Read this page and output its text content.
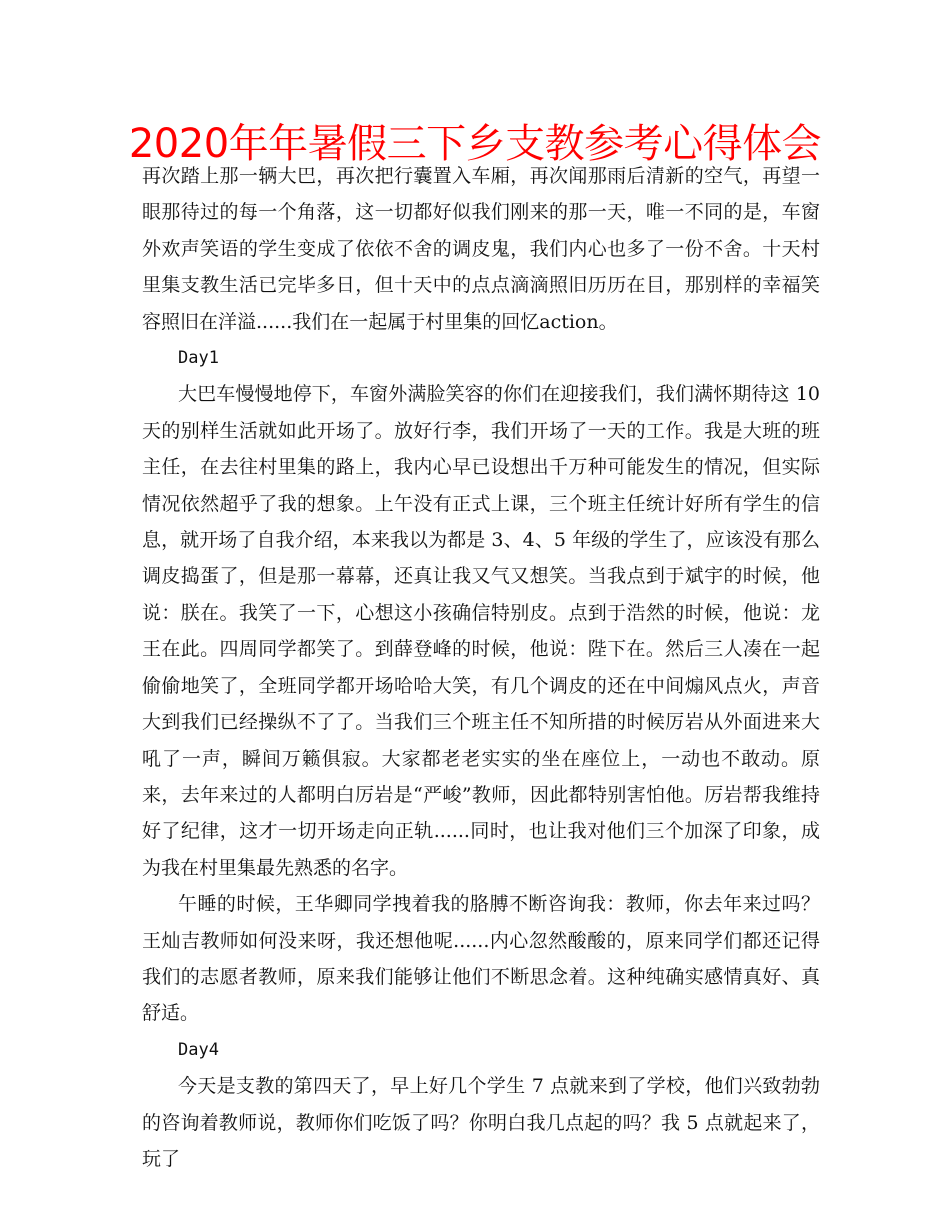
2020年年暑假三下乡支教参考心得体会

再次踏上那一辆大巴，再次把行囊置入车厢，再次闻那雨后清新的空气，再望一眼那待过的每一个角落，这一切都好似我们刚来的那一天，唯一不同的是，车窗外欢声笑语的学生变成了依依不舍的调皮鬼，我们内心也多了一份不舍。十天村里集支教生活已完毕多日，但十天中的点点滴滴照旧历历在目，那别样的幸福笑容照旧在洋溢......我们在一起属于村里集的回忆action。

Day1

大巴车慢慢地停下，车窗外满脸笑容的你们在迎接我们，我们满怀期待这 10 天的别样生活就如此开场了。放好行李，我们开场了一天的工作。我是大班的班主任，在去往村里集的路上，我内心早已设想出千万种可能发生的情况，但实际情况依然超乎了我的想象。上午没有正式上课，三个班主任统计好所有学生的信息，就开场了自我介绍，本来我以为都是 3、4、5 年级的学生了，应该没有那么调皮捣蛋了，但是那一幕幕，还真让我又气又想笑。当我点到于斌宇的时候，他说：朕在。我笑了一下，心想这小孩确信特别皮。点到于浩然的时候，他说：龙王在此。四周同学都笑了。到薛登峰的时候，他说：陛下在。然后三人凑在一起偷偷地笑了，全班同学都开场哈哈大笑，有几个调皮的还在中间煽风点火，声音大到我们已经操纵不了了。当我们三个班主任不知所措的时候厉岩从外面进来大吼了一声，瞬间万籁俱寂。大家都老老实实的坐在座位上，一动也不敢动。原来，去年来过的人都明白厉岩是“严峻”教师，因此都特别害怕他。厉岩帮我维持好了纪律，这才一切开场走向正轨......同时，也让我对他们三个加深了印象，成为我在村里集最先熟悉的名字。

午睡的时候，王华卿同学拽着我的胳膊不断咨询我：教师，你去年来过吗？王灿吉教师如何没来呀，我还想他呢......内心忽然酸酸的，原来同学们都还记得我们的志愿者教师，原来我们能够让他们不断思念着。这种纯确实感情真好、真舒适。

Day4

今天是支教的第四天了，早上好几个学生 7 点就来到了学校，他们兴致勃勃的咨询着教师说，教师你们吃饭了吗？你明白我几点起的吗？我 5 点就起来了，玩了
